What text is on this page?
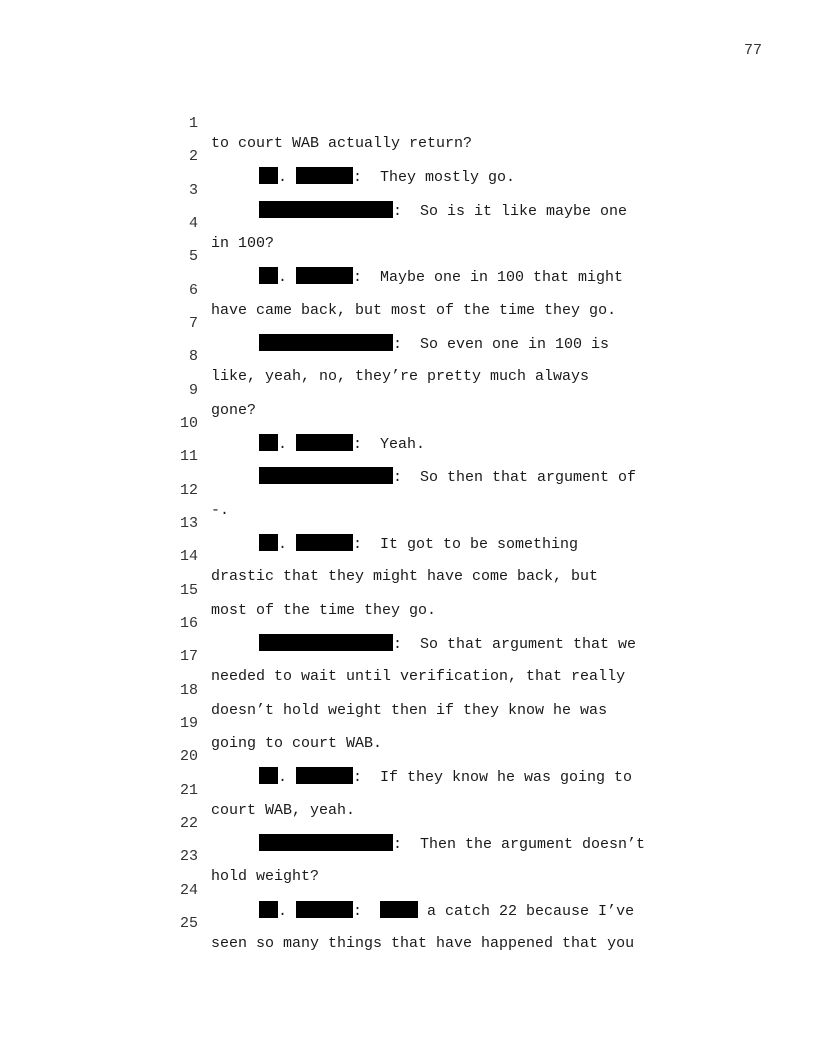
77

1

to court WAB actually return?

2

.	:  They mostly go.

3

:  So is it like maybe one

4

in 100?

5

.	:  Maybe one in 100 that might

6

have came back, but most of the time they go.

7

:  So even one in 100 is

8

like, yeah, no, they’re pretty much always

9

gone?

10

.	:  Yeah.

11

:  So then that argument of

12

-.

13

.	:  It got to be something

14

drastic that they might have come back, but

15

most of the time they go.

16

:  So that argument that we

17

needed to wait until verification, that really

18

doesn’t hold weight then if they know he was

19

going to court WAB.

20

.	:  If they know he was going to

21

court WAB, yeah.

22

:  Then the argument doesn’t

23

hold weight?

24

.	:	a catch 22 because I’ve

25

seen so many things that have happened that you
